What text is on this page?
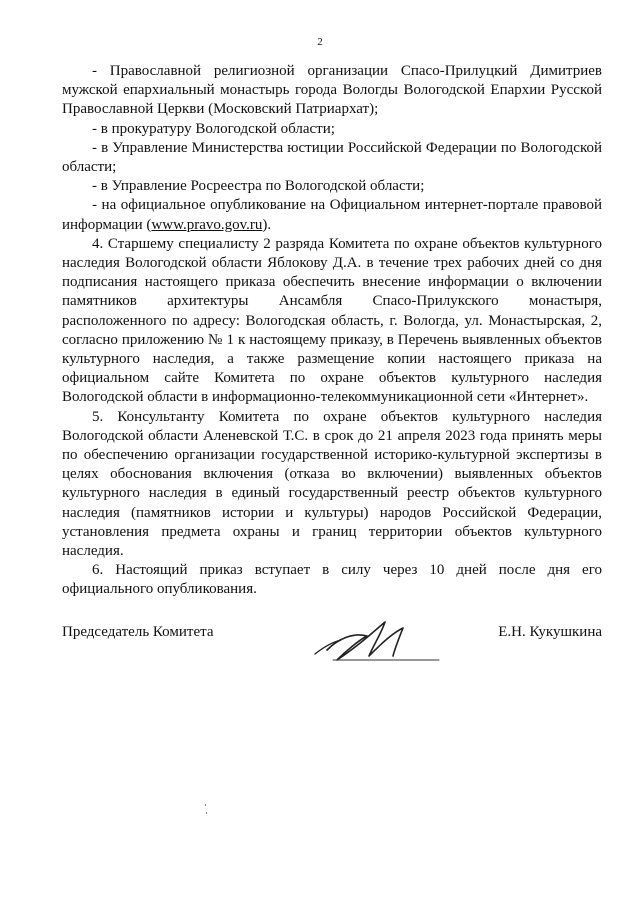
2

- Православной религиозной организации Спасо-Прилуцкий Димитриев мужской епархиальный монастырь города Вологды Вологодской Епархии Русской Православной Церкви (Московский Патриархат);

- в прокуратуру Вологодской области;

- в Управление Министерства юстиции Российской Федерации по Вологодской области;

- в Управление Росреестра по Вологодской области;

- на официальное опубликование на Официальном интернет-портале правовой информации (www.pravo.gov.ru).

4. Старшему специалисту 2 разряда Комитета по охране объектов культурного наследия Вологодской области Яблокову Д.А. в течение трех рабочих дней со дня подписания настоящего приказа обеспечить внесение информации о включении памятников архитектуры Ансамбля Спасо-Прилукского монастыря, расположенного по адресу: Вологодская область, г. Вологда, ул. Монастырская, 2, согласно приложению № 1 к настоящему приказу, в Перечень выявленных объектов культурного наследия, а также размещение копии настоящего приказа на официальном сайте Комитета по охране объектов культурного наследия Вологодской области в информационно-телекоммуникационной сети «Интернет».

5. Консультанту Комитета по охране объектов культурного наследия Вологодской области Аленевской Т.С. в срок до 21 апреля 2023 года принять меры по обеспечению организации государственной историко-культурной экспертизы в целях обоснования включения (отказа во включении) выявленных объектов культурного наследия в единый государственный реестр объектов культурного наследия (памятников истории и культуры) народов Российской Федерации, установления предмета охраны и границ территории объектов культурного наследия.

6. Настоящий приказ вступает в силу через 10 дней после дня его официального опубликования.

Председатель Комитета	Е.Н. Кукушкина
